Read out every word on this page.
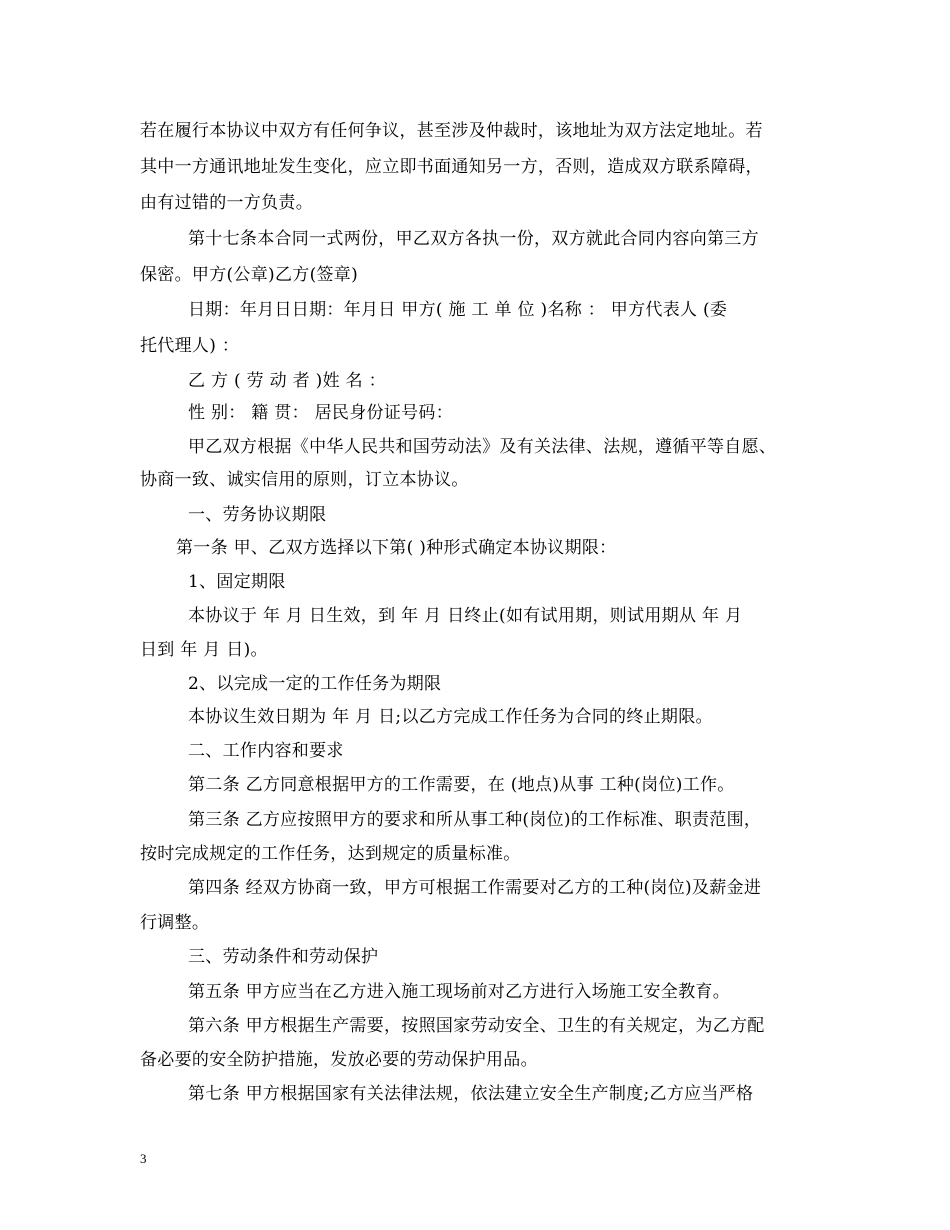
若在履行本协议中双方有任何争议，甚至涉及仲裁时，该地址为双方法定地址。若
其中一方通讯地址发生变化，应立即书面通知另一方，否则，造成双方联系障碍，
由有过错的一方负责。
第十七条本合同一式两份，甲乙双方各执一份，双方就此合同内容向第三方
保密。甲方(公章)乙方(签章)
日期：年月日日期：年月日 甲方( 施 工 单 位 )名称 ： 甲方代表人 (委
托代理人) ：
乙 方 ( 劳 动 者 )姓 名 ：
性 别： 籍 贯： 居民身份证号码：
甲乙双方根据《中华人民共和国劳动法》及有关法律、法规，遵循平等自愿、
协商一致、诚实信用的原则，订立本协议。
一、劳务协议期限
第一条 甲、乙双方选择以下第( )种形式确定本协议期限：
1、固定期限
本协议于 年 月 日生效，到 年 月 日终止(如有试用期，则试用期从 年 月
日到 年 月 日)。
2、以完成一定的工作任务为期限
本协议生效日期为 年 月 日;以乙方完成工作任务为合同的终止期限。
二、工作内容和要求
第二条 乙方同意根据甲方的工作需要，在 (地点)从事 工种(岗位)工作。
第三条 乙方应按照甲方的要求和所从事工种(岗位)的工作标准、职责范围，
按时完成规定的工作任务，达到规定的质量标准。
第四条 经双方协商一致，甲方可根据工作需要对乙方的工种(岗位)及薪金进
行调整。
三、劳动条件和劳动保护
第五条 甲方应当在乙方进入施工现场前对乙方进行入场施工安全教育。
第六条 甲方根据生产需要，按照国家劳动安全、卫生的有关规定，为乙方配
备必要的安全防护措施，发放必要的劳动保护用品。
第七条 甲方根据国家有关法律法规，依法建立安全生产制度;乙方应当严格
3
